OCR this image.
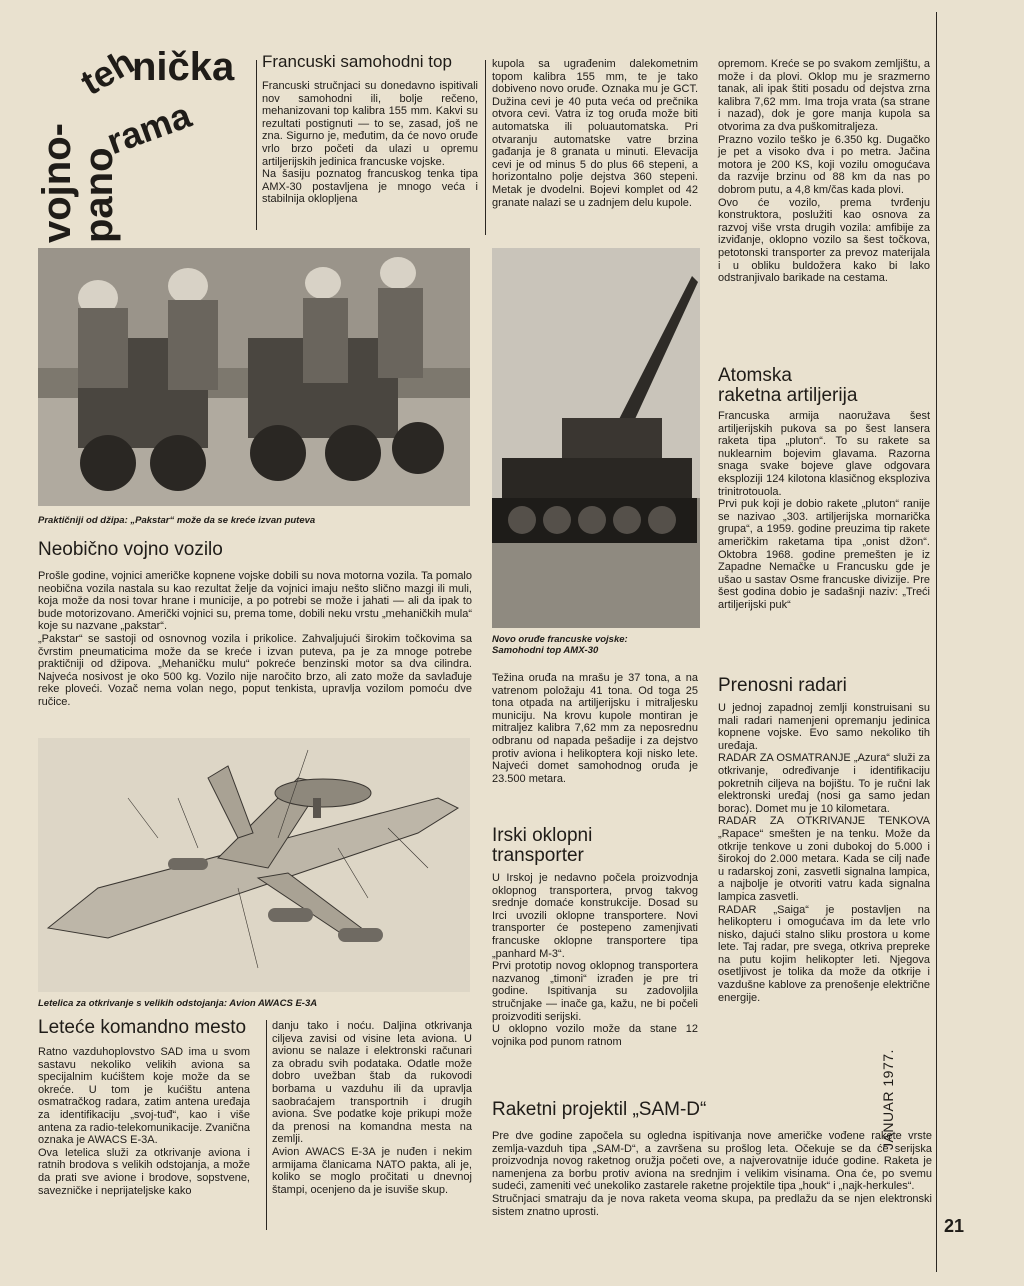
teh
nička
vojno-
pano
rama
Francuski samohodni top
Francuski stručnjaci su donedavno ispitivali nov samohodni ili, bolje rečeno, mehanizovani top kalibra 155 mm. Kakvi su rezultati postignuti — to se, zasad, još ne zna. Sigurno je, međutim, da će novo oruđe vrlo brzo početi da ulazi u opremu artiljerijskih jedinica francuske vojske.
Na šasiju poznatog francuskog tenka tipa AMX-30 postavljena je mnogo veća i stabilnija oklopljena
kupola sa ugrađenim dalekometnim topom kalibra 155 mm, te je tako dobiveno novo oruđe. Oznaka mu je GCT. Dužina cevi je 40 puta veća od prečnika otvora cevi. Vatra iz tog oruđa može biti automatska ili poluautomatska. Pri otvaranju automatske vatre brzina gađanja je 8 granata u minuti. Elevacija cevi je od minus 5 do plus 66 stepeni, a horizontalno polje dejstva 360 stepeni. Metak je dvodelni. Bojevi komplet od 42 granate nalazi se u zadnjem delu kupole.
Praktičniji od džipa: „Pakstar“ može da se kreće izvan puteva
Novo oruđe francuske vojske:
Samohodni top AMX-30
Težina oruđa na mrašu je 37 tona, a na vatrenom položaju 41 tona. Od toga 25 tona otpada na artiljerijsku i mitraljesku municiju. Na krovu kupole montiran je mitraljez kalibra 7,62 mm za neposrednu odbranu od napada pešadije i za dejstvo protiv aviona i helikoptera koji nisko lete. Najveći domet samohodnog oruđa je 23.500 metara.
Neobično vojno vozilo
Prošle godine, vojnici američke kopnene vojske dobili su nova motorna vozila. Ta pomalo neobična vozila nastala su kao rezultat želje da vojnici imaju nešto slično mazgi ili muli, koja može da nosi tovar hrane i municije, a po potrebi se može i jahati — ali da ipak to bude motorizovano. Američki vojnici su, prema tome, dobili neku vrstu „mehaničkih mula“ koje su nazvane „pakstar“.
„Pakstar“ se sastoji od osnovnog vozila i prikolice. Zahvaljujući širokim točkovima sa čvrstim pneumaticima može da se kreće i izvan puteva, pa je za mnoge potrebe praktičniji od džipova. „Mehaničku mulu“ pokreće benzinski motor sa dva cilindra. Najveća nosivost je oko 500 kg. Vozilo nije naročito brzo, ali zato može da savlađuje reke ploveći. Vozač nema volan nego, poput tenkista, upravlja vozilom pomoću dve ručice.
Letelica za otkrivanje s velikih odstojanja: Avion AWACS E-3A
Leteće komandno mesto
Ratno vazduhoplovstvo SAD ima u svom sastavu nekoliko velikih aviona sa specijalnim kućištem koje može da se okreće. U tom je kućištu antena osmatračkog radara, zatim antena uređaja za identifikaciju „svoj-tuđ“, kao i više antena za radio-telekomunikacije. Zvanična oznaka je AWACS E-3A.
Ova letelica služi za otkrivanje aviona i ratnih brodova s velikih odstojanja, a može da prati sve avione i brodove, sopstvene, savezničke i neprijateljske kako
danju tako i noću. Daljina otkrivanja ciljeva zavisi od visine leta aviona. U avionu se nalaze i elektronski računari za obradu svih podataka. Odatle može dobro uvežban štab da rukovodi borbama u vazduhu ili da upravlja saobraćajem transportnih i drugih aviona. Sve podatke koje prikupi može da prenosi na komandna mesta na zemlji.
Avion AWACS E-3A je nuđen i nekim armijama članicama NATO pakta, ali je, koliko se moglo pročitati u dnevnoj štampi, ocenjeno da je isuviše skup.
Irski oklopni
transporter
U Irskoj je nedavno počela proizvodnja oklopnog transportera, prvog takvog srednje domaće konstrukcije. Dosad su Irci uvozili oklopne transportere. Novi transporter će postepeno zamenjivati francuske oklopne transportere tipa „panhard M-3“.
Prvi prototip novog oklopnog transportera nazvanog „timoni“ izrađen je pre tri godine. Ispitivanja su zadovoljila stručnjake — inače ga, kažu, ne bi počeli proizvoditi serijski.
U oklopno vozilo može da stane 12 vojnika pod punom ratnom
opremom. Kreće se po svakom zemljištu, a može i da plovi. Oklop mu je srazmerno tanak, ali ipak štiti posadu od dejstva zrna kalibra 7,62 mm. Ima troja vrata (sa strane i nazad), dok je gore manja kupola sa otvorima za dva puškomitraljeza.
Prazno vozilo teško je 6.350 kg. Dugačko je pet a visoko dva i po metra. Jačina motora je 200 KS, koji vozilu omogućava da razvije brzinu od 88 km da nas po dobrom putu, a 4,8 km/čas kada plovi.
Ovo će vozilo, prema tvrđenju konstruktora, poslužiti kao osnova za razvoj više vrsta drugih vozila: amfibije za izviđanje, oklopno vozilo sa šest točkova, petotonski transporter za prevoz materijala i u obliku buldožera kako bi lako odstranjivalo barikade na cestama.
Atomska
raketna artiljerija
Francuska armija naoružava šest artiljerijskih pukova sa po šest lansera raketa tipa „pluton“. To su rakete sa nuklearnim bojevim glavama. Razorna snaga svake bojeve glave odgovara eksploziji 124 kilotona klasičnog eksploziva trinitrotouola.
Prvi puk koji je dobio rakete „pluton“ ranije se nazivao „303. artiljerijska mornarička grupa“, a 1959. godine preuzima tip rakete američkim raketama tipa „onist džon“. Oktobra 1968. godine premešten je iz Zapadne Nemačke u Francusku gde je ušao u sastav Osme francuske divizije. Pre šest godina dobio je sadašnji naziv: „Treći artiljerijski puk“
Prenosni radari
U jednoj zapadnoj zemlji konstruisani su mali radari namenjeni opremanju jedinica kopnene vojske. Evo samo nekoliko tih uređaja.
RADAR ZA OSMATRANJE „Azura“ služi za otkrivanje, određivanje i identifikaciju pokretnih ciljeva na bojištu. To je ručni lak elektronski uređaj (nosi ga samo jedan borac). Domet mu je 10 kilometara.
RADAR ZA OTKRIVANJE TENKOVA „Rapace“ smešten je na tenku. Može da otkrije tenkove u zoni dubokoj do 5.000 i širokoj do 2.000 metara. Kada se cilj nađe u radarskoj zoni, zasvetli signalna lampica, a najbolje je otvoriti vatru kada signalna lampica zasvetli.
RADAR „Saiga“ je postavljen na helikopteru i omogućava im da lete vrlo nisko, dajući stalno sliku prostora u kome lete. Taj radar, pre svega, otkriva prepreke na putu kojim helikopter leti. Njegova osetljivost je tolika da može da otkrije i vazdušne kablove za prenošenje električne energije.
Raketni projektil „SAM-D“
Pre dve godine započela su ogledna ispitivanja nove američke vođene rakete vrste zemlja-vazduh tipa „SAM-D“, a završena su prošlog leta. Očekuje se da će serijska proizvodnja novog raketnog oružja početi ove, a najverovatnije iduće godine. Raketa je namenjena za borbu protiv aviona na srednjim i velikim visinama. Ona će, po svemu sudeći, zameniti već unekoliko zastarele raketne projektile tipa „houk“ i „najk-herkules“.
Stručnjaci smatraju da je nova raketa veoma skupa, pa predlažu da se njen elektronski sistem znatno uprosti.
JANUAR 1977.
21
